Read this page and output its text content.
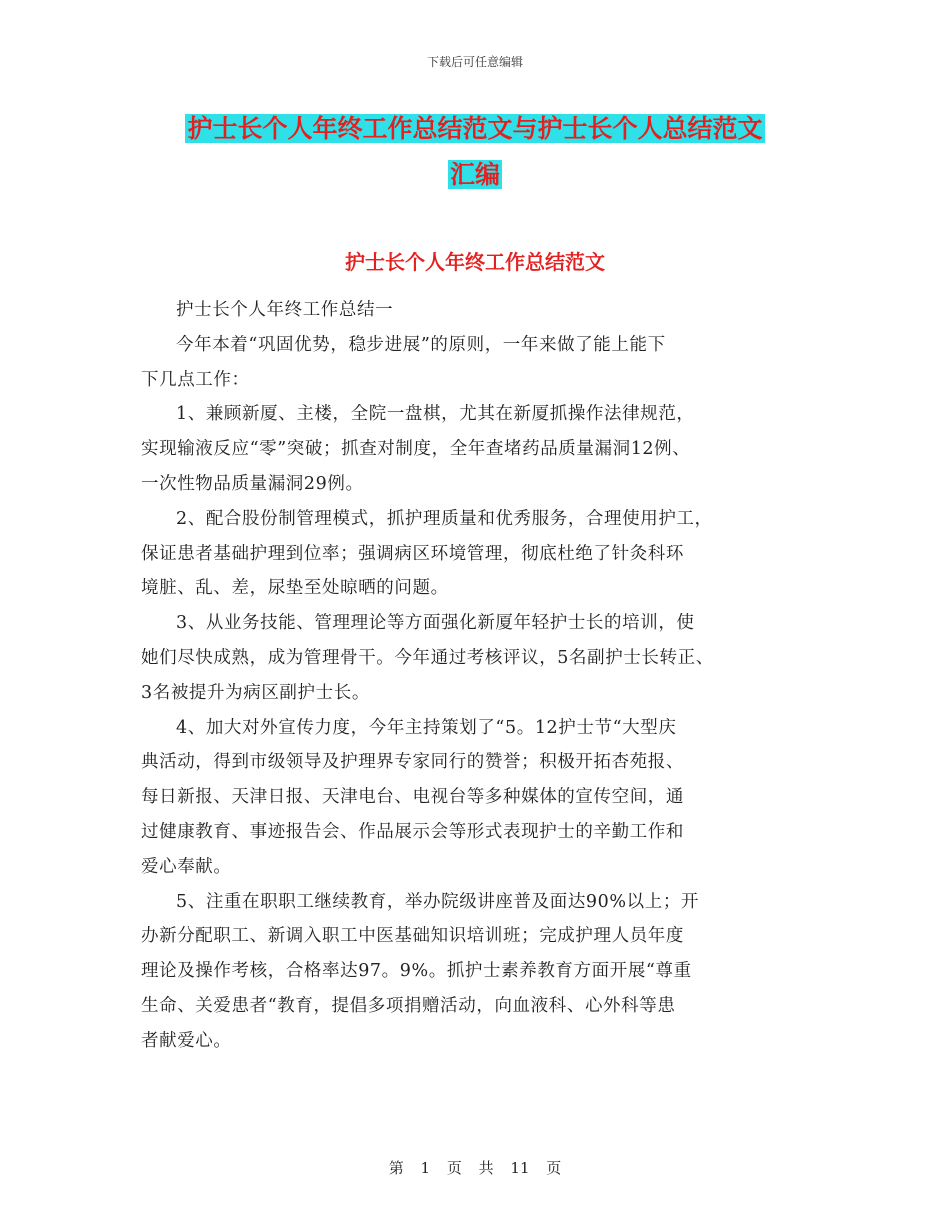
下载后可任意编辑
护士长个人年终工作总结范文与护士长个人总结范文
汇编
护士长个人年终工作总结范文

护士长个人年终工作总结一

今年本着“巩固优势，稳步进展”的原则，一年来做了能上能下
下几点工作：

1、兼顾新厦、主楼，全院一盘棋，尤其在新厦抓操作法律规范，
实现输液反应“零”突破；抓查对制度，全年查堵药品质量漏洞12例、
一次性物品质量漏洞29例。

2、配合股份制管理模式，抓护理质量和优秀服务，合理使用护工，
保证患者基础护理到位率；强调病区环境管理，彻底杜绝了针灸科环
境脏、乱、差，尿垫至处晾晒的问题。

3、从业务技能、管理理论等方面强化新厦年轻护士长的培训，使
她们尽快成熟，成为管理骨干。今年通过考核评议，5名副护士长转正、
3名被提升为病区副护士长。

4、加大对外宣传力度，今年主持策划了“5。12护士节“大型庆
典活动，得到市级领导及护理界专家同行的赞誉；积极开拓杏苑报、
每日新报、天津日报、天津电台、电视台等多种媒体的宣传空间，通
过健康教育、事迹报告会、作品展示会等形式表现护士的辛勤工作和
爱心奉献。

5、注重在职职工继续教育，举办院级讲座普及面达90%以上；开
办新分配职工、新调入职工中医基础知识培训班；完成护理人员年度
理论及操作考核，合格率达97。9%。抓护士素养教育方面开展“尊重
生命、关爱患者“教育，提倡多项捐赠活动，向血液科、心外科等患
者献爱心。

第 1 页 共 11 页
